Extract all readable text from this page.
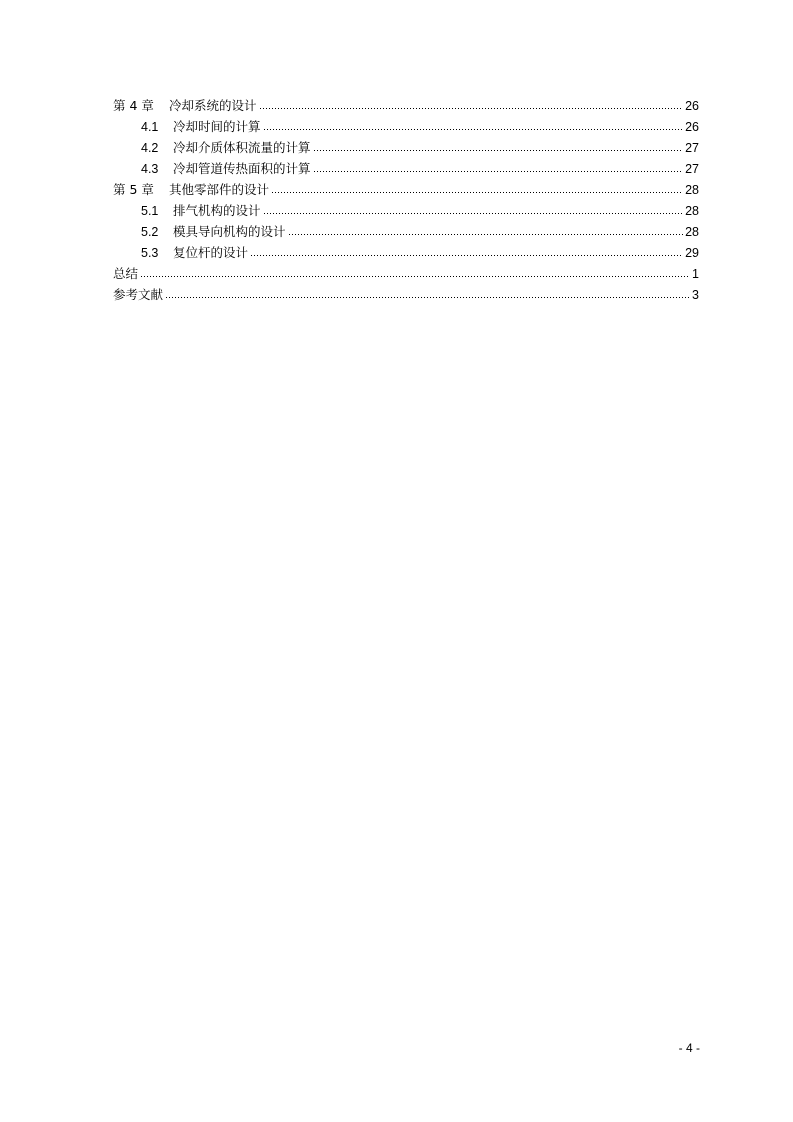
第 4 章	冷却系统的设计	26
4.1	冷却时间的计算	26
4.2	冷却介质体积流量的计算	27
4.3	冷却管道传热面积的计算	27
第 5 章	其他零部件的设计	28
5.1	排气机构的设计	28
5.2	模具导向机构的设计	28
5.3	复位杆的设计	29
总结	1
参考文献	3
- 4 -
